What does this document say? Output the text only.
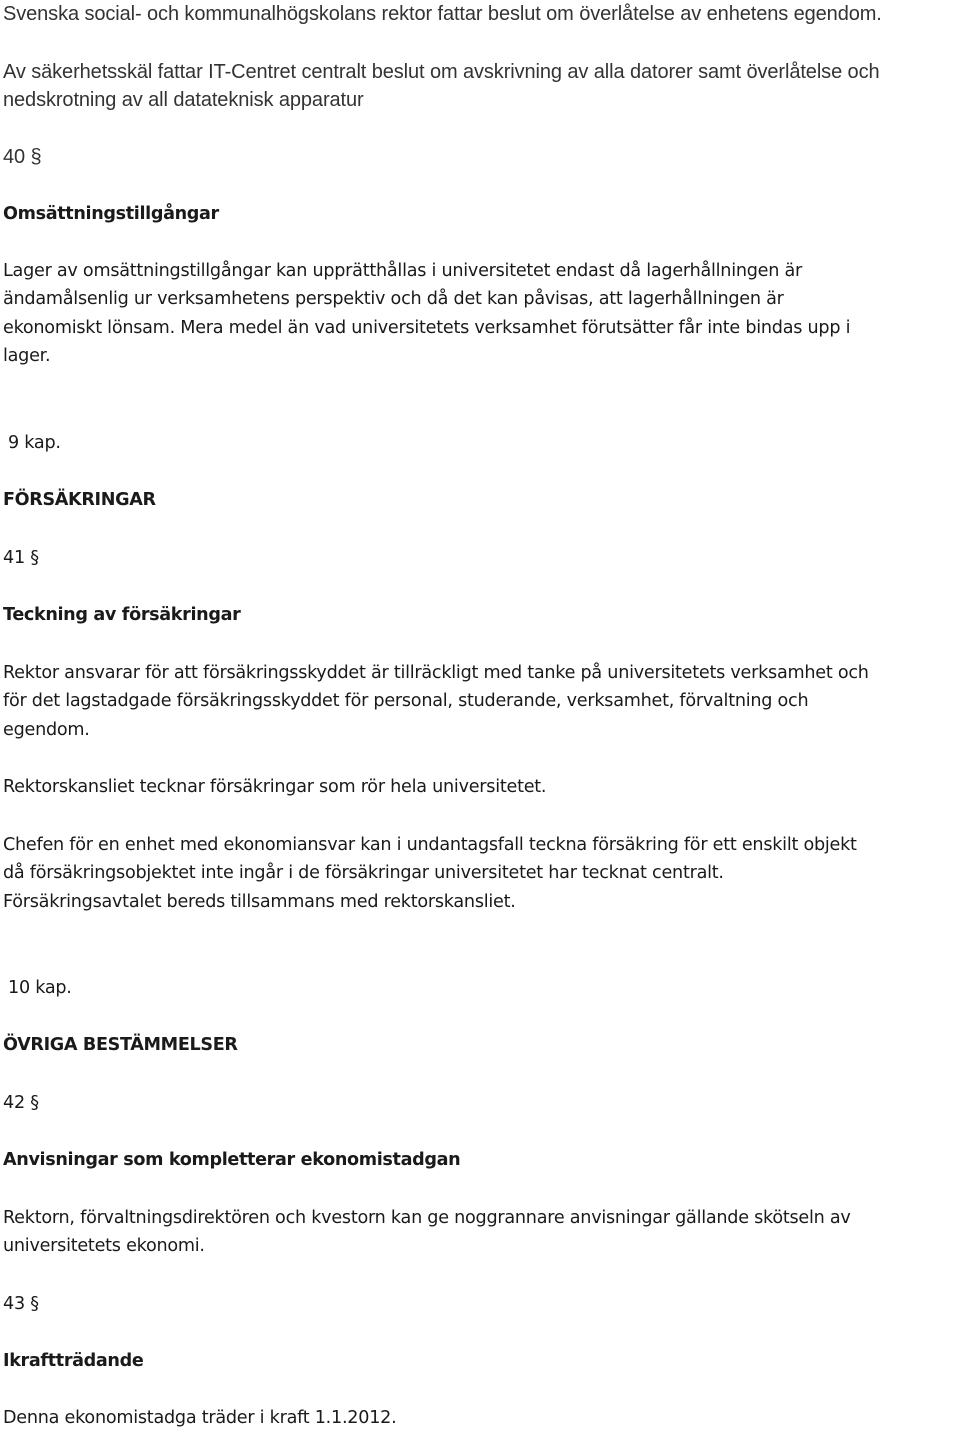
Svenska social- och kommunalhögskolans rektor fattar beslut om överlåtelse av enhetens egendom.

Av säkerhetsskäl fattar IT-Centret centralt beslut om avskrivning av alla datorer samt överlåtelse och

nedskrotning av all datateknisk apparatur

40 §

Omsättningstillgångar

Lager av omsättningstillgångar kan upprätthållas i universitetet endast då lagerhållningen är

ändamålsenlig ur verksamhetens perspektiv och då det kan påvisas, att lagerhållningen är

ekonomiskt lönsam. Mera medel än vad universitetets verksamhet förutsätter får inte bindas upp i

lager.

9 kap.

FÖRSÄKRINGAR

41 §

Teckning av försäkringar

Rektor ansvarar för att försäkringsskyddet är tillräckligt med tanke på universitetets verksamhet och

för det lagstadgade försäkringsskyddet för personal, studerande, verksamhet, förvaltning och

egendom.

Rektorskansliet tecknar försäkringar som rör hela universitetet.

Chefen för en enhet med ekonomiansvar kan i undantagsfall teckna försäkring för ett enskilt objekt

då försäkringsobjektet inte ingår i de försäkringar universitetet har tecknat centralt.

Försäkringsavtalet bereds tillsammans med rektorskansliet.

10 kap.

ÖVRIGA BESTÄMMELSER

42 §

Anvisningar som kompletterar ekonomistadgan

Rektorn, förvaltningsdirektören och kvestorn kan ge noggrannare anvisningar gällande skötseln av

universitetets ekonomi.

43 §

Ikraftträdande

Denna ekonomistadga träder i kraft 1.1.2012.
